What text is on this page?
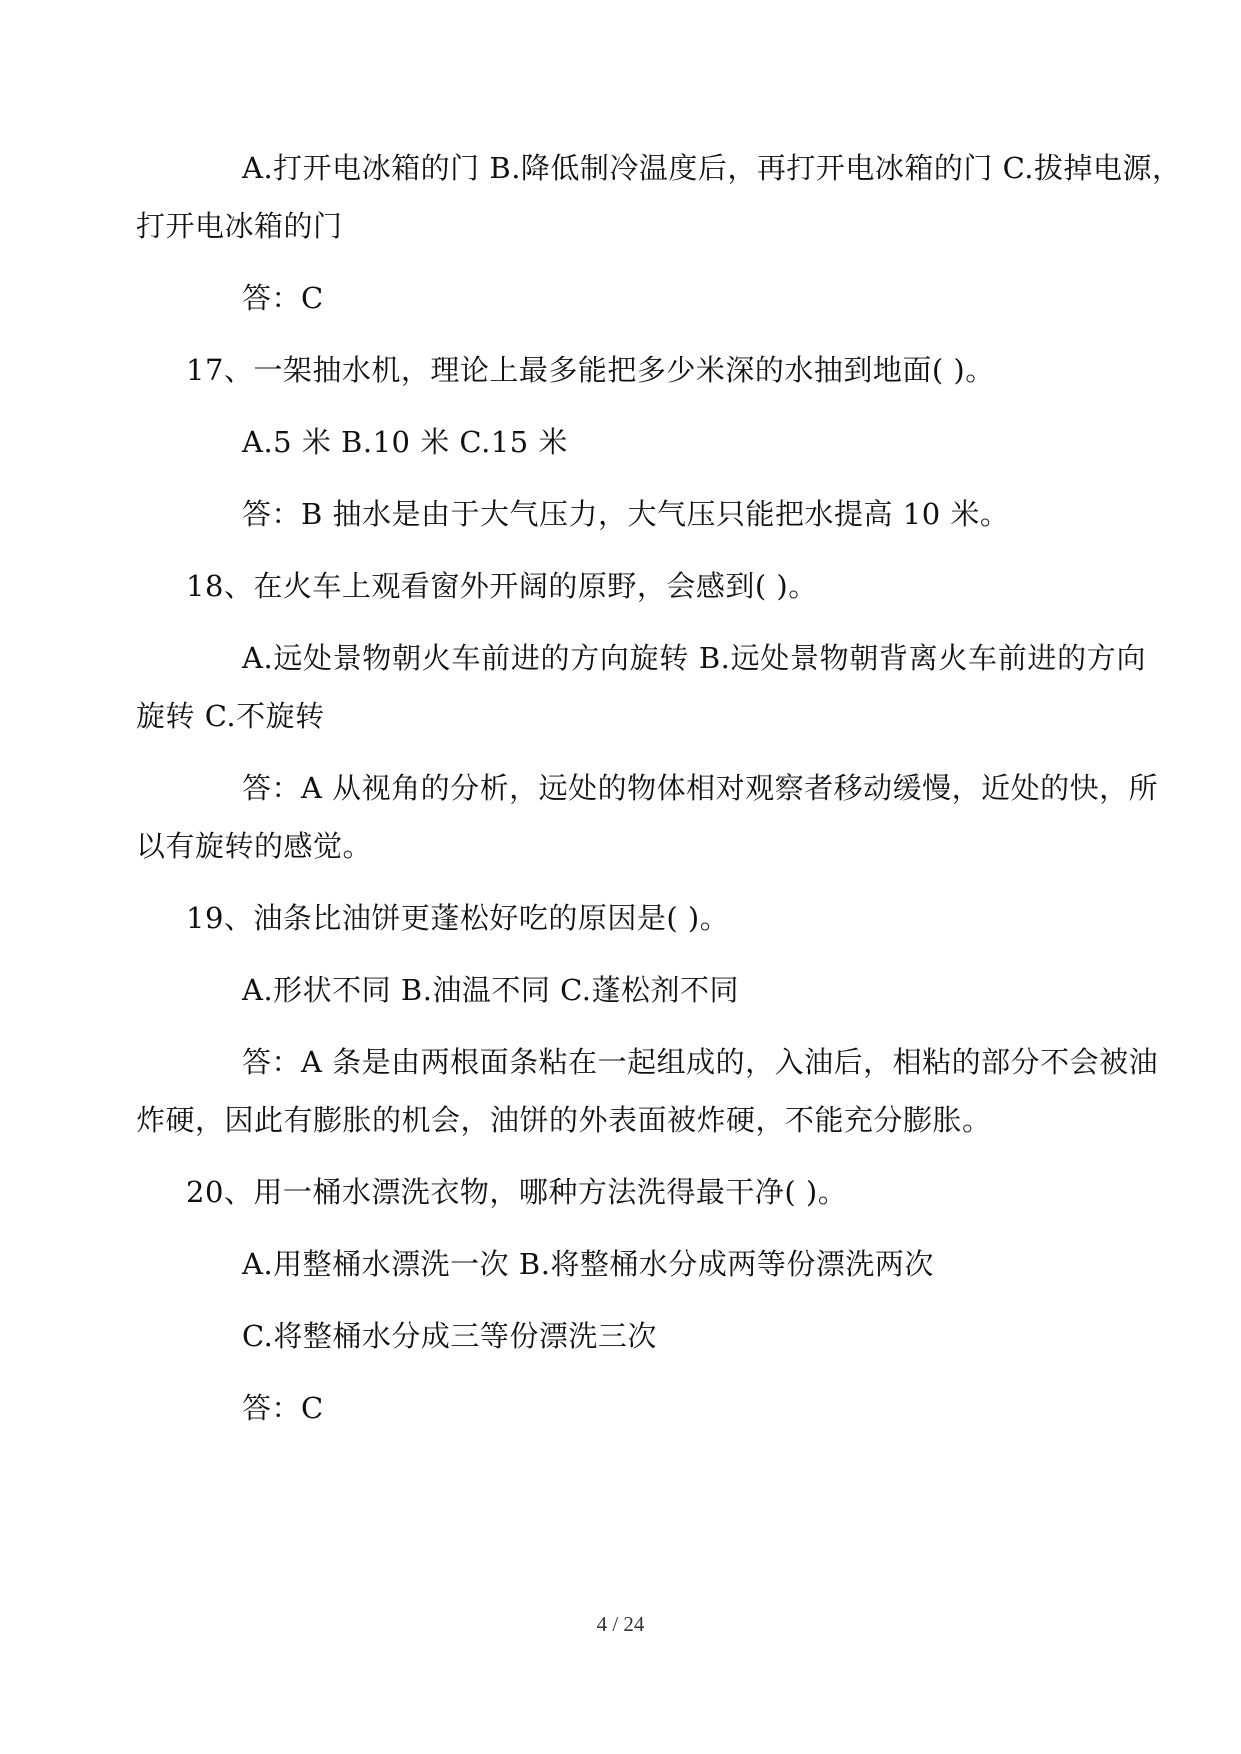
A.打开电冰箱的门 B.降低制冷温度后，再打开电冰箱的门 C.拔掉电源，
打开电冰箱的门
答：C
17、一架抽水机，理论上最多能把多少米深的水抽到地面( )。
A.5 米 B.10 米 C.15 米
答：B 抽水是由于大气压力，大气压只能把水提高 10 米。
18、在火车上观看窗外开阔的原野，会感到( )。
A.远处景物朝火车前进的方向旋转 B.远处景物朝背离火车前进的方向
旋转 C.不旋转
答：A 从视角的分析，远处的物体相对观察者移动缓慢，近处的快，所
以有旋转的感觉。
19、油条比油饼更蓬松好吃的原因是( )。
A.形状不同 B.油温不同 C.蓬松剂不同
答：A 条是由两根面条粘在一起组成的，入油后，相粘的部分不会被油
炸硬，因此有膨胀的机会，油饼的外表面被炸硬，不能充分膨胀。
20、用一桶水漂洗衣物，哪种方法洗得最干净( )。
A.用整桶水漂洗一次 B.将整桶水分成两等份漂洗两次
C.将整桶水分成三等份漂洗三次
答：C
4 / 24
